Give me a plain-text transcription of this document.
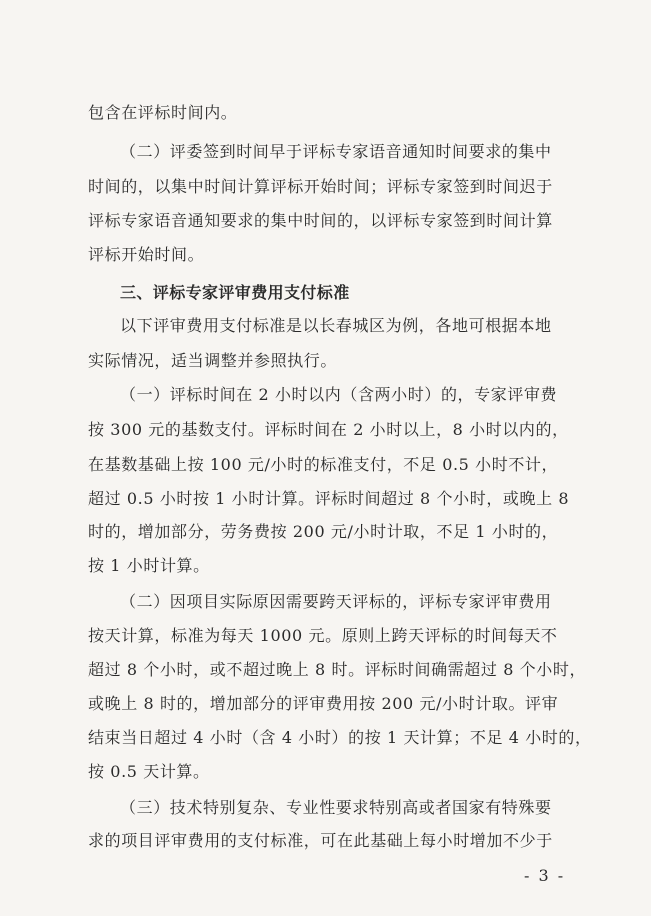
包含在评标时间内。
（二）评委签到时间早于评标专家语音通知时间要求的集中
时间的，以集中时间计算评标开始时间；评标专家签到时间迟于
评标专家语音通知要求的集中时间的，以评标专家签到时间计算
评标开始时间。
三、评标专家评审费用支付标准
以下评审费用支付标准是以长春城区为例，各地可根据本地
实际情况，适当调整并参照执行。
（一）评标时间在 2 小时以内（含两小时）的，专家评审费
按 300 元的基数支付。评标时间在 2 小时以上，8 小时以内的，
在基数基础上按 100 元/小时的标准支付，不足 0.5 小时不计，
超过 0.5 小时按 1 小时计算。评标时间超过 8 个小时，或晚上 8
时的，增加部分，劳务费按 200 元/小时计取，不足 1 小时的，
按 1 小时计算。
（二）因项目实际原因需要跨天评标的，评标专家评审费用
按天计算，标准为每天 1000 元。原则上跨天评标的时间每天不
超过 8 个小时，或不超过晚上 8 时。评标时间确需超过 8 个小时，
或晚上 8 时的，增加部分的评审费用按 200 元/小时计取。评审
结束当日超过 4 小时（含 4 小时）的按 1 天计算；不足 4 小时的，
按 0.5 天计算。
（三）技术特别复杂、专业性要求特别高或者国家有特殊要
求的项目评审费用的支付标准，可在此基础上每小时增加不少于
- 3 -
